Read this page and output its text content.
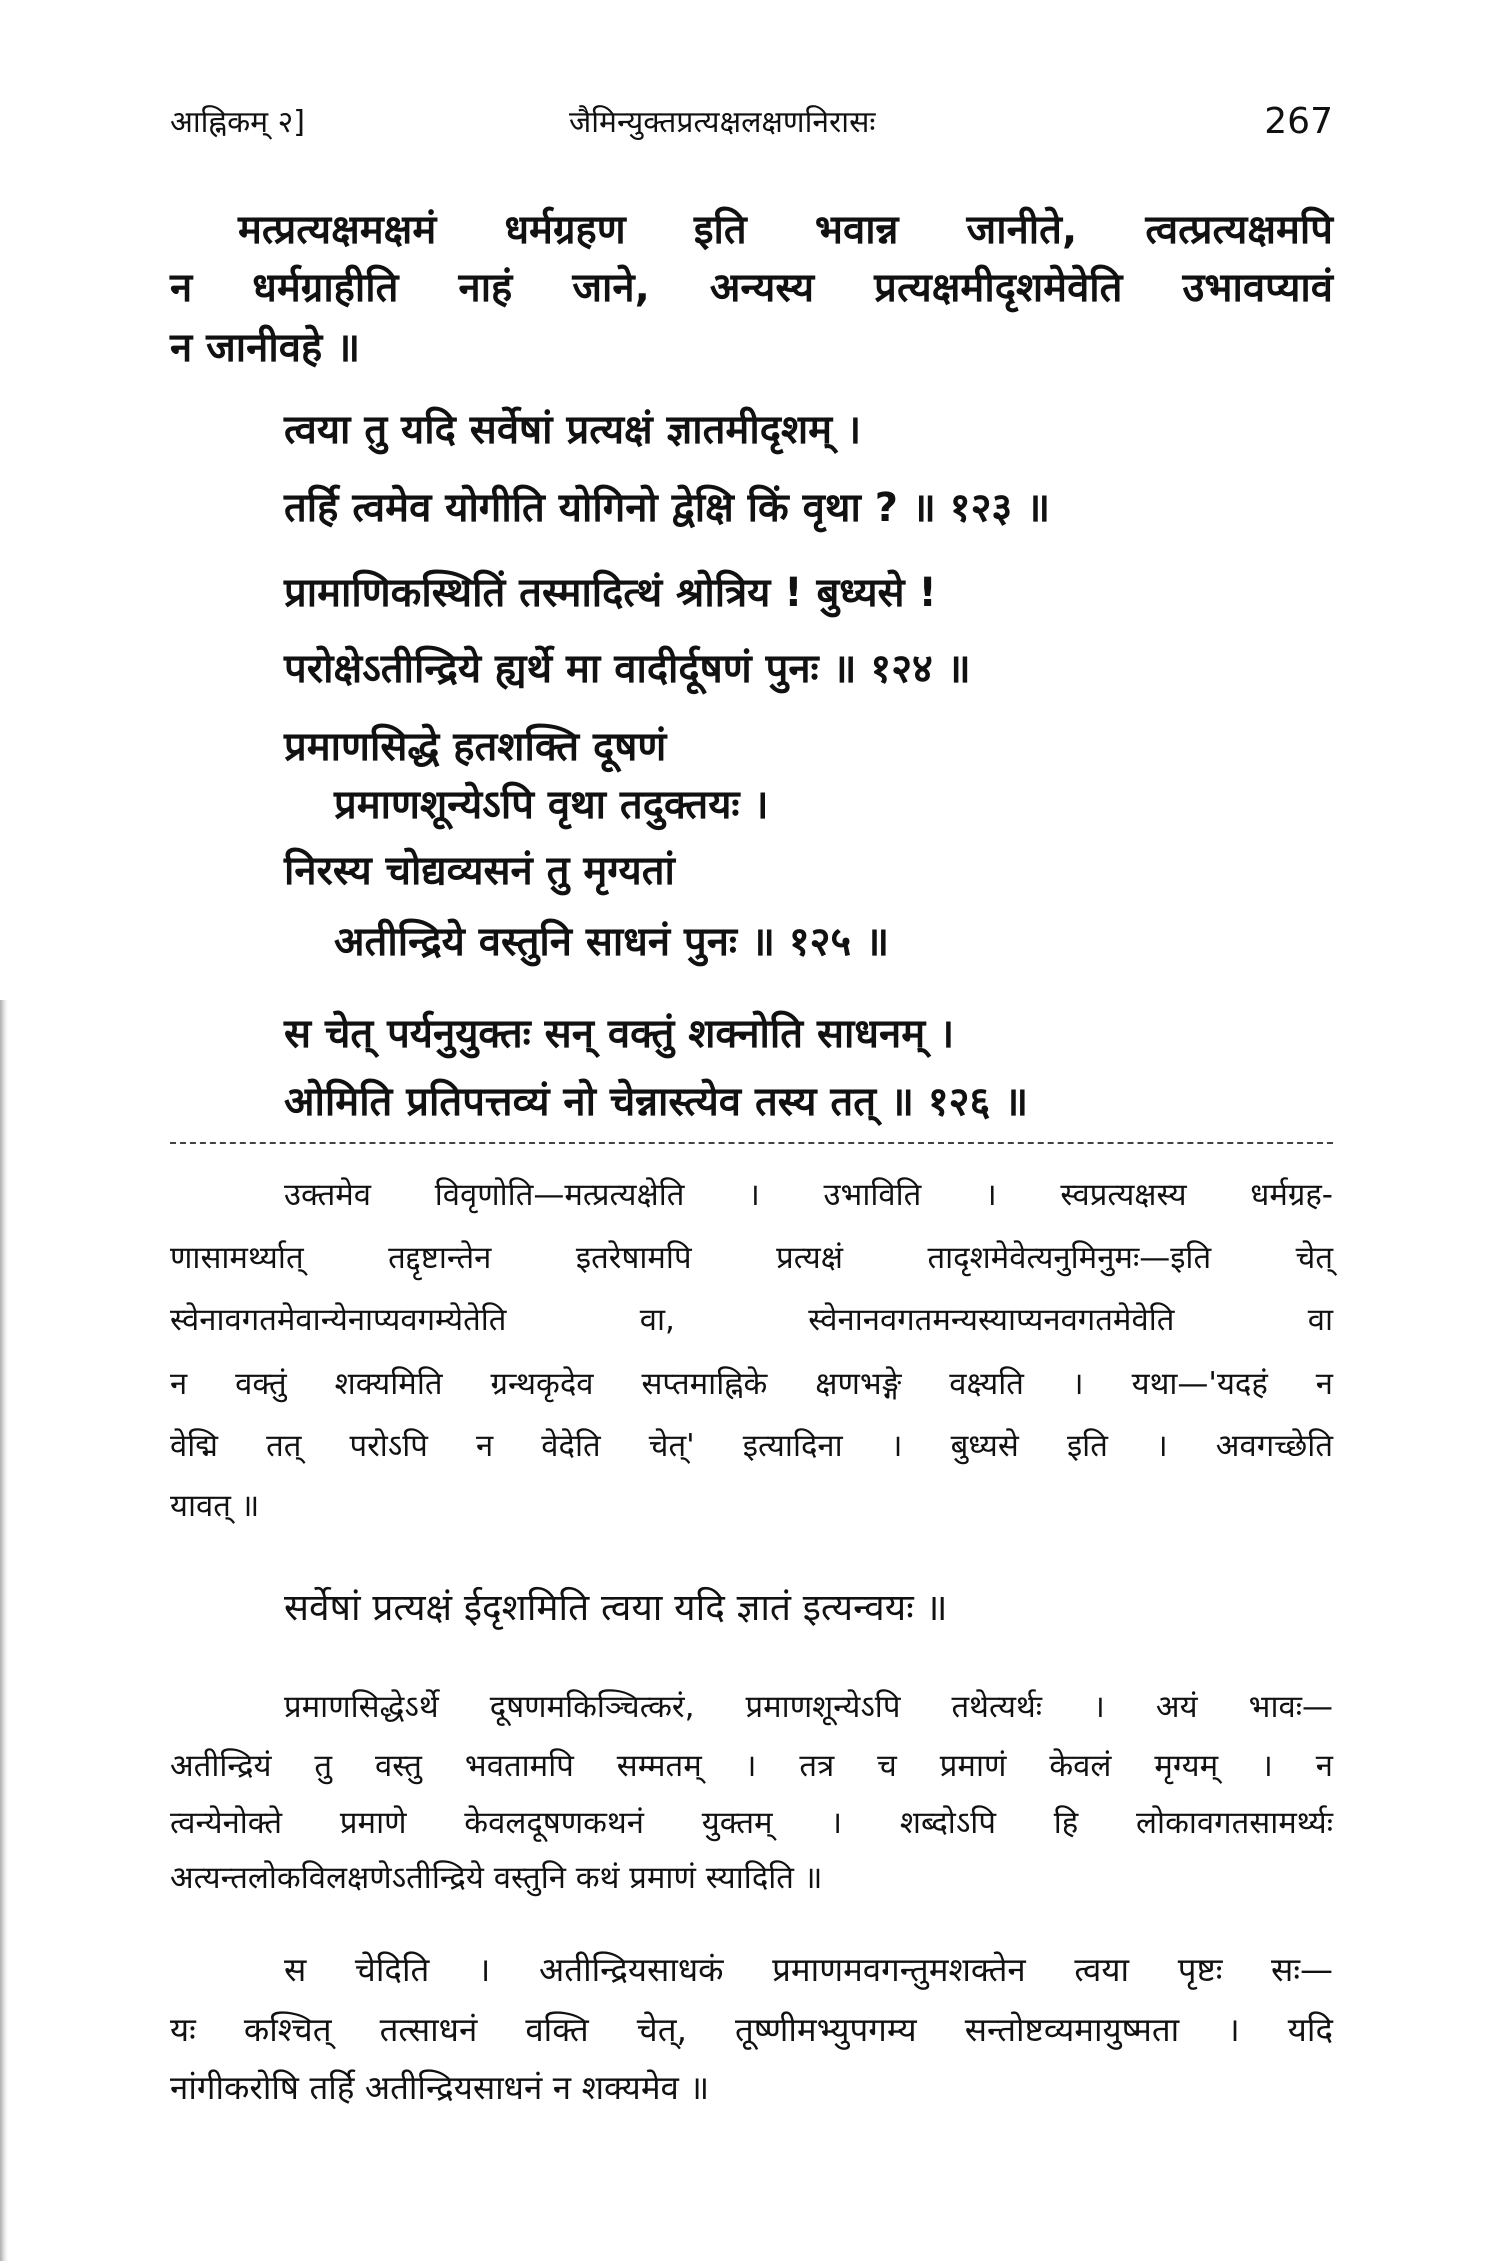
आह्निकम् २]	जैमिन्युक्तप्रत्यक्षलक्षणनिरासः	267
मत्प्रत्यक्षमक्षमं धर्मग्रहण इति भवान्न जानीते, त्वत्प्रत्यक्षमपि
न धर्मग्राहीति नाहं जाने, अन्यस्य प्रत्यक्षमीदृशमेवेति उभावप्यावं
न जानीवहे ॥
त्वया तु यदि सर्वेषां प्रत्यक्षं ज्ञातमीदृशम् ।
तर्हि त्वमेव योगीति योगिनो द्वेक्षि किं वृथा ? ॥ १२३ ॥
प्रामाणिकस्थितिं तस्मादित्थं श्रोत्रिय ! बुध्यसे !
परोक्षेऽतीन्द्रिये ह्यर्थे मा वादीर्दूषणं पुनः ॥ १२४ ॥
प्रमाणसिद्धे हतशक्ति दूषणं
प्रमाणशून्येऽपि वृथा तदुक्तयः ।
निरस्य चोद्यव्यसनं तु मृग्यतां
अतीन्द्रिये वस्तुनि साधनं पुनः ॥ १२५ ॥
स चेत् पर्यनुयुक्तः सन् वक्तुं शक्नोति साधनम् ।
ओमिति प्रतिपत्तव्यं नो चेन्नास्त्येव तस्य तत् ॥ १२६ ॥
उक्तमेव विवृणोति—मत्प्रत्यक्षेति । उभाविति । स्वप्रत्यक्षस्य धर्मग्रह-
णासामर्थ्यात् तद्दृष्टान्तेन इतरेषामपि प्रत्यक्षं तादृशमेवेत्यनुमिनुमः—इति चेत्
स्वेनावगतमेवान्येनाप्यवगम्येतेति वा, स्वेनानवगतमन्यस्याप्यनवगतमेवेति वा
न वक्तुं शक्यमिति ग्रन्थकृदेव सप्तमाह्निके क्षणभङ्गे वक्ष्यति । यथा—'यदहं न
वेद्मि तत् परोऽपि न वेदेति चेत्' इत्यादिना । बुध्यसे इति । अवगच्छेति
यावत् ॥
सर्वेषां प्रत्यक्षं ईदृशमिति त्वया यदि ज्ञातं इत्यन्वयः ॥
प्रमाणसिद्धेऽर्थे दूषणमकिञ्चित्करं, प्रमाणशून्येऽपि तथेत्यर्थः । अयं भावः—
अतीन्द्रियं तु वस्तु भवतामपि सम्मतम् । तत्र च प्रमाणं केवलं मृग्यम् । न
त्वन्येनोक्ते प्रमाणे केवलदूषणकथनं युक्तम् । शब्दोऽपि हि लोकावगतसामर्थ्यः
अत्यन्तलोकविलक्षणेऽतीन्द्रिये वस्तुनि कथं प्रमाणं स्यादिति ॥
स चेदिति । अतीन्द्रियसाधकं प्रमाणमवगन्तुमशक्तेन त्वया पृष्टः सः—
यः कश्चित् तत्साधनं वक्ति चेत्, तूष्णीमभ्युपगम्य सन्तोष्टव्यमायुष्मता । यदि
नांगीकरोषि तर्हि अतीन्द्रियसाधनं न शक्यमेव ॥
